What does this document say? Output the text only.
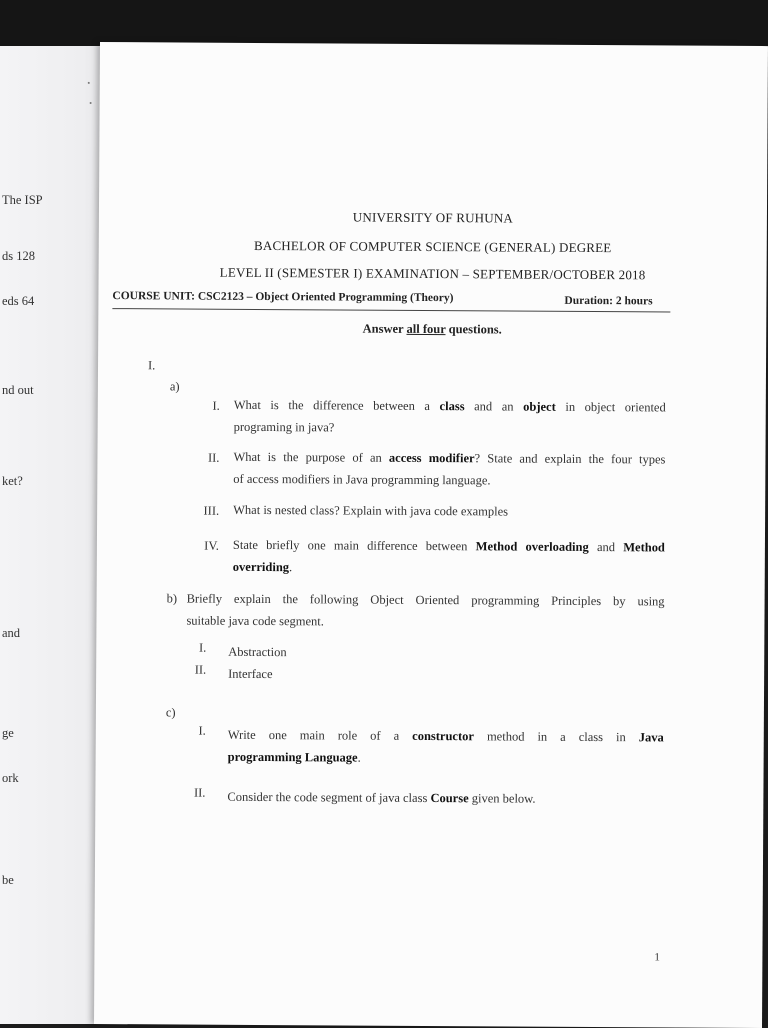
The ISP
ds 128
eds 64
nd out
ket?
and
ge
ork
be
UNIVERSITY OF RUHUNA
BACHELOR OF COMPUTER SCIENCE (GENERAL) DEGREE
LEVEL II (SEMESTER I) EXAMINATION – SEPTEMBER/OCTOBER 2018
COURSE UNIT: CSC2123 – Object Oriented Programming (Theory)	Duration: 2 hours
Answer all four questions.
I.
a)
I. What is the difference between a class and an object in object oriented
programing in java?
II. What is the purpose of an access modifier? State and explain the four types
of access modifiers in Java programming language.
III. What is nested class? Explain with java code examples
IV. State briefly one main difference between Method overloading and Method
overriding.
b) Briefly explain the following Object Oriented programming Principles by using
suitable java code segment.
I. Abstraction
II. Interface
c)
I. Write one main role of a constructor method in a class in Java
programming Language.
II. Consider the code segment of java class Course given below.
1
